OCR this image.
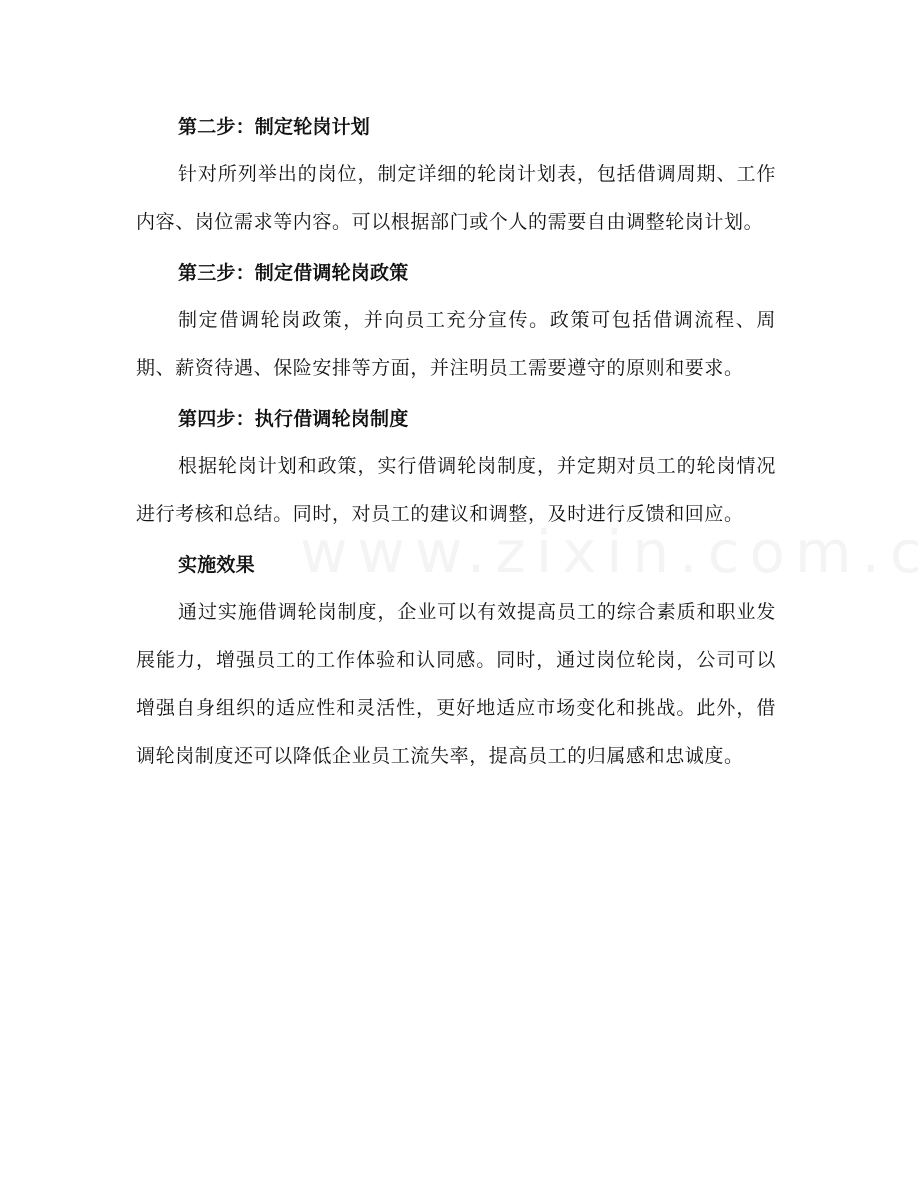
第二步：制定轮岗计划

针对所列举出的岗位，制定详细的轮岗计划表，包括借调周期、工作内容、岗位需求等内容。可以根据部门或个人的需要自由调整轮岗计划。

第三步：制定借调轮岗政策

制定借调轮岗政策，并向员工充分宣传。政策可包括借调流程、周期、薪资待遇、保险安排等方面，并注明员工需要遵守的原则和要求。

第四步：执行借调轮岗制度

根据轮岗计划和政策，实行借调轮岗制度，并定期对员工的轮岗情况进行考核和总结。同时，对员工的建议和调整，及时进行反馈和回应。

实施效果

通过实施借调轮岗制度，企业可以有效提高员工的综合素质和职业发展能力，增强员工的工作体验和认同感。同时，通过岗位轮岗，公司可以增强自身组织的适应性和灵活性，更好地适应市场变化和挑战。此外，借调轮岗制度还可以降低企业员工流失率，提高员工的归属感和忠诚度。
